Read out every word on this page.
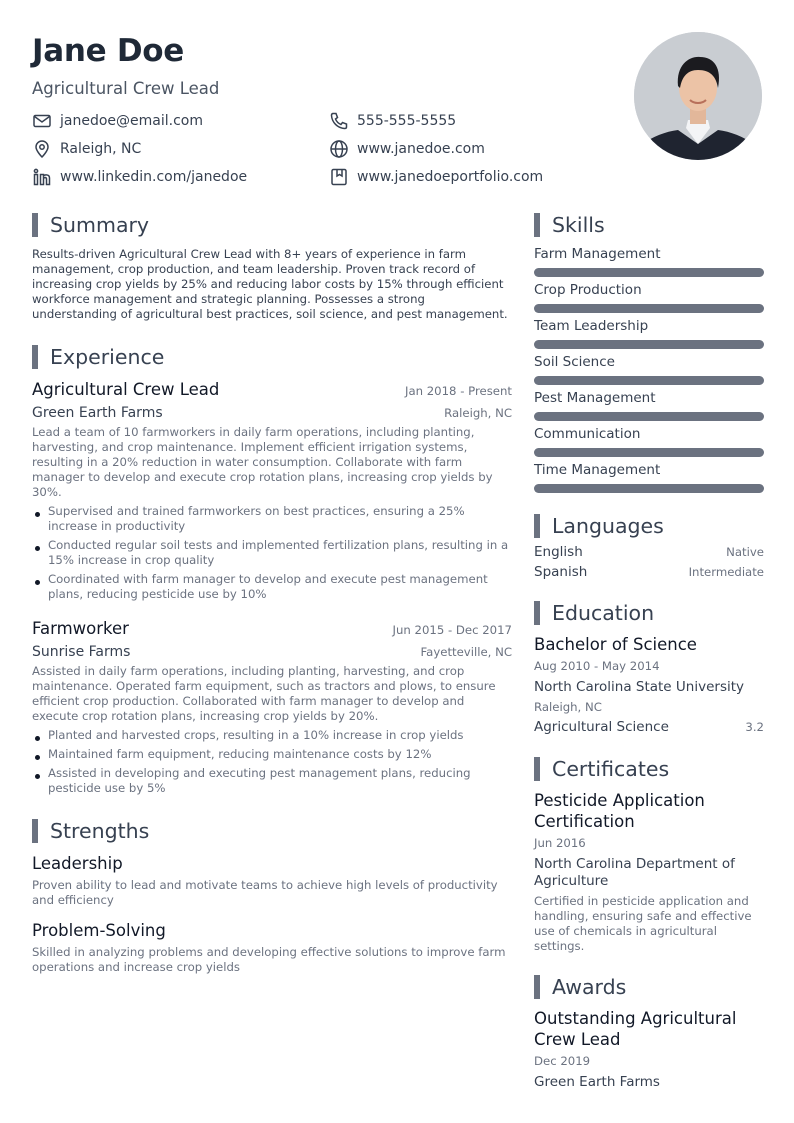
Jane Doe
Agricultural Crew Lead
janedoe@email.com	555-555-5555
Raleigh, NC	www.janedoe.com
www.linkedin.com/janedoe	www.janedoeportfolio.com
Summary
Results-driven Agricultural Crew Lead with 8+ years of experience in farm management, crop production, and team leadership. Proven track record of increasing crop yields by 25% and reducing labor costs by 15% through efficient workforce management and strategic planning. Possesses a strong understanding of agricultural best practices, soil science, and pest management.
Experience
Agricultural Crew Lead	Jan 2018 - Present
Green Earth Farms	Raleigh, NC
Lead a team of 10 farmworkers in daily farm operations, including planting, harvesting, and crop maintenance. Implement efficient irrigation systems, resulting in a 20% reduction in water consumption. Collaborate with farm manager to develop and execute crop rotation plans, increasing crop yields by 30%.
Supervised and trained farmworkers on best practices, ensuring a 25% increase in productivity
Conducted regular soil tests and implemented fertilization plans, resulting in a 15% increase in crop quality
Coordinated with farm manager to develop and execute pest management plans, reducing pesticide use by 10%
Farmworker	Jun 2015 - Dec 2017
Sunrise Farms	Fayetteville, NC
Assisted in daily farm operations, including planting, harvesting, and crop maintenance. Operated farm equipment, such as tractors and plows, to ensure efficient crop production. Collaborated with farm manager to develop and execute crop rotation plans, increasing crop yields by 20%.
Planted and harvested crops, resulting in a 10% increase in crop yields
Maintained farm equipment, reducing maintenance costs by 12%
Assisted in developing and executing pest management plans, reducing pesticide use by 5%
Strengths
Leadership
Proven ability to lead and motivate teams to achieve high levels of productivity and efficiency
Problem-Solving
Skilled in analyzing problems and developing effective solutions to improve farm operations and increase crop yields
Skills
Farm Management
Crop Production
Team Leadership
Soil Science
Pest Management
Communication
Time Management
Languages
English	Native
Spanish	Intermediate
Education
Bachelor of Science
Aug 2010 - May 2014
North Carolina State University
Raleigh, NC
Agricultural Science	3.2
Certificates
Pesticide Application Certification
Jun 2016
North Carolina Department of Agriculture
Certified in pesticide application and handling, ensuring safe and effective use of chemicals in agricultural settings.
Awards
Outstanding Agricultural Crew Lead
Dec 2019
Green Earth Farms
